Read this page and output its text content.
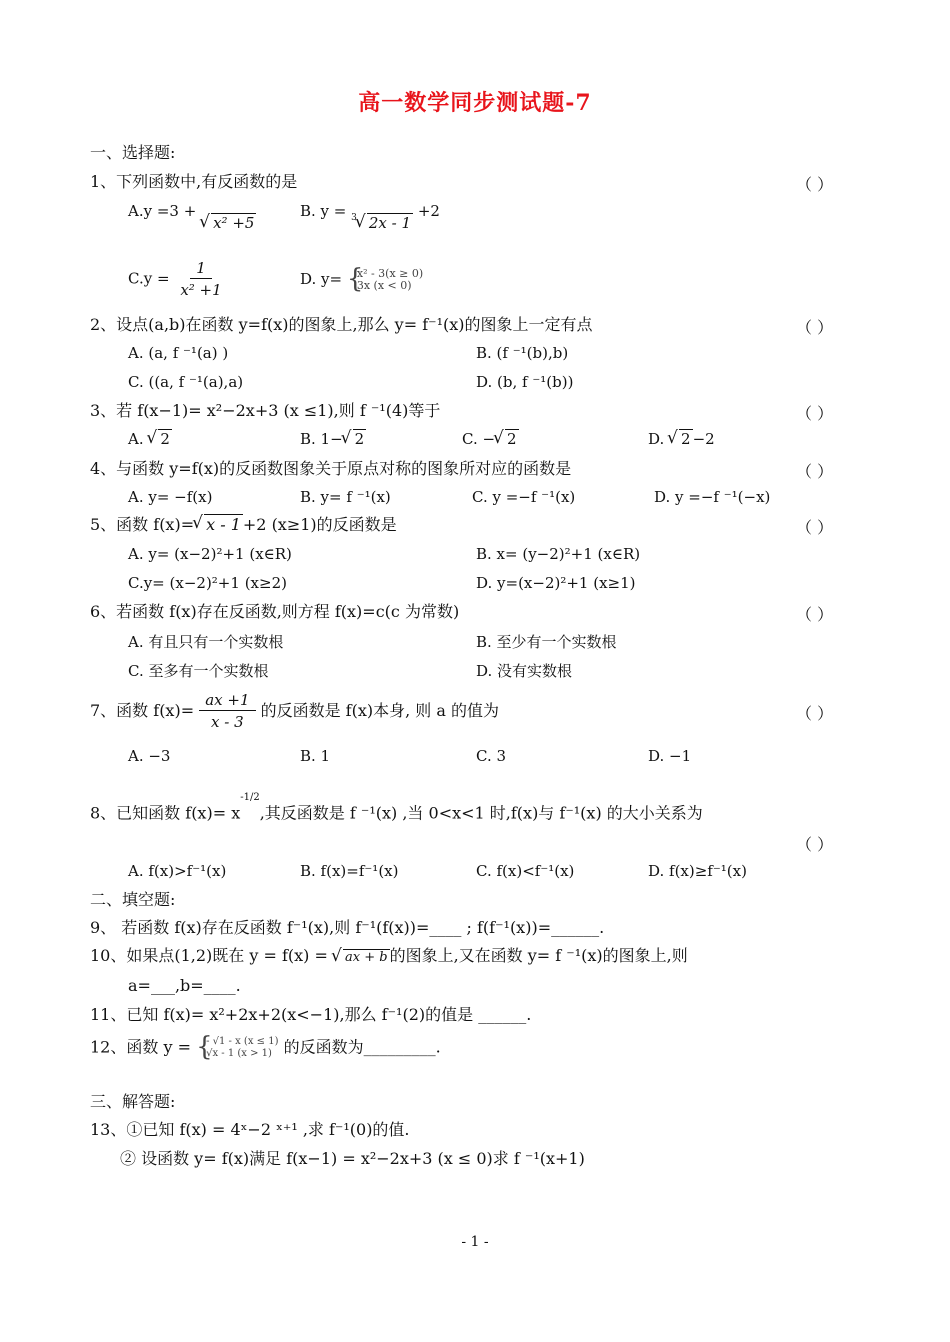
高一数学同步测试题-7
一、选择题:
1、下列函数中,有反函数的是	（ ）
A.y =3 + √ x² +5
B. y = $_3$ √ 2x - 1 +2
$C.y = \frac{1}{\text{x² +1}}$	D. y= { x² - 3(x ≥ 0)
3x (x < 0)
2、设点(a,b)在函数 y=f(x)的图象上,那么 y= f⁻¹(x)的图象上一定有点	（ ）
A. (a, f ⁻¹(a) )	B. (f ⁻¹(b),b)
C. ((a, f ⁻¹(a),a)	D. (b, f ⁻¹(b))
3、若 f(x−1)= x²−2x+3 (x ≤1),则 f ⁻¹(4)等于	（ ）
A. √ 2	B. 1− √ 2	C. − √ 2	D. √ 2 −2
4、与函数 y=f(x)的反函数图象关于原点对称的图象所对应的函数是	（ ）
A. y= −f(x)	B. y= f ⁻¹(x)	C. y =−f ⁻¹(x)	D. y =−f ⁻¹(−x)
5、函数 f(x)= √ x - 1 +2 (x≥1)的反函数是	（ ）
A. y= (x−2)²+1 (x∈R)	B. x= (y−2)²+1 (x∈R)
C.y= (x−2)²+1 (x≥2)	D. y=(x−2)²+1 (x≥1)
6、若函数 f(x)存在反函数,则方程 f(x)=c(c 为常数)	（ ）
A. 有且只有一个实数根	B. 至少有一个实数根
C. 至多有一个实数根	D. 没有实数根
7、函数 $f(x)= \frac{ax +1}{x - 3}$ 的反函数是 f(x)本身, 则 a 的值为	（ ）
A. −3	B. 1	C. 3	D. −1
8、已知函数 $f(x)= x^{-1/2}$,其反函数是 f ⁻¹(x) ,当 0<x<1 时,f(x)与 f⁻¹(x) 的大小关系为
（ ）
A. f(x)>f⁻¹(x)	B. f(x)=f⁻¹(x)	C. f(x)<f⁻¹(x)	D. f(x)≥f⁻¹(x)
二、填空题:
9、 若函数 f(x)存在反函数 f⁻¹(x),则 f⁻¹(f(x))=____ ; f(f⁻¹(x))=______.
10、如果点(1,2)既在 y = f(x) = √ ax + b 的图象上,又在函数 y= f ⁻¹(x)的图象上,则
a=___,b=____.
11、已知 f(x)= x²+2x+2(x<−1),那么 f⁻¹(2)的值是 ______.
12、函数 y = { - √1 - x (x ≤ 1)
√x - 1 (x > 1) 的反函数为_________.
三、解答题:
13、①已知 f(x) = 4ˣ−2 ˣ⁺¹ ,求 f⁻¹(0)的值.
② 设函数 y= f(x)满足 f(x−1) = x²−2x+3 (x ≤ 0)求 f ⁻¹(x+1)
- 1 -
